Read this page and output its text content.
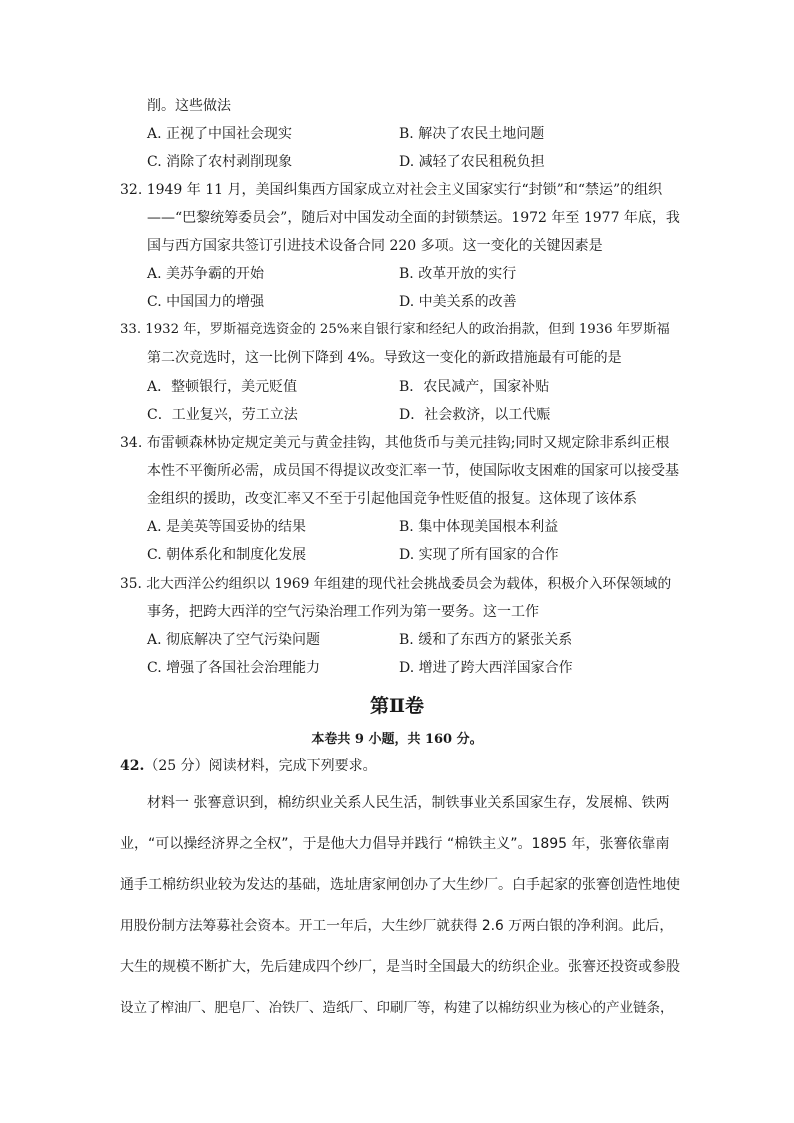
削。这些做法
A. 正视了中国社会现实	B. 解决了农民土地问题
C. 消除了农村剥削现象	D. 减轻了农民租税负担
32. 1949 年 11 月，美国纠集西方国家成立对社会主义国家实行“封锁”和“禁运”的组织
——“巴黎统筹委员会”，随后对中国发动全面的封锁禁运。1972 年至 1977 年底，我
国与西方国家共签订引进技术设备合同 220 多项。这一变化的关键因素是
A. 美苏争霸的开始	B. 改革开放的实行
C. 中国国力的增强	D. 中美关系的改善
33. 1932 年，罗斯福竞选资金的 25%来自银行家和经纪人的政治捐款，但到 1936 年罗斯福
第二次竞选时，这一比例下降到 4%。导致这一变化的新政措施最有可能的是
A．整顿银行，美元贬值	B．农民减产，国家补贴
C．工业复兴，劳工立法	D．社会救济，以工代赈
34. 布雷顿森林协定规定美元与黄金挂钩，其他货币与美元挂钩;同时又规定除非系纠正根
本性不平衡所必需，成员国不得提议改变汇率一节，使国际收支困难的国家可以接受基
金组织的援助，改变汇率又不至于引起他国竞争性贬值的报复。这体现了该体系
A. 是美英等国妥协的结果	B. 集中体现美国根本利益
C. 朝体系化和制度化发展	D. 实现了所有国家的合作
35. 北大西洋公约组织以 1969 年组建的现代社会挑战委员会为载体，积极介入环保领域的
事务，把跨大西洋的空气污染治理工作列为第一要务。这一工作
A. 彻底解决了空气污染问题	B. 缓和了东西方的紧张关系
C. 增强了各国社会治理能力	D. 增进了跨大西洋国家合作
第Ⅱ卷
本卷共 9 小题，共 160 分。
42.（25 分）阅读材料，完成下列要求。
材料一 张謇意识到，棉纺织业关系人民生活，制铁事业关系国家生存，发展棉、铁两
业，“可以操经济界之全权”，于是他大力倡导并践行 “棉铁主义”。1895 年，张謇依靠南
通手工棉纺织业较为发达的基础，选址唐家闸创办了大生纱厂。白手起家的张謇创造性地使
用股份制方法筹募社会资本。开工一年后，大生纱厂就获得 2.6 万两白银的净利润。此后，
大生的规模不断扩大，先后建成四个纱厂，是当时全国最大的纺织企业。张謇还投资或参股
设立了榨油厂、肥皂厂、冶铁厂、造纸厂、印刷厂等，构建了以棉纺织业为核心的产业链条，
